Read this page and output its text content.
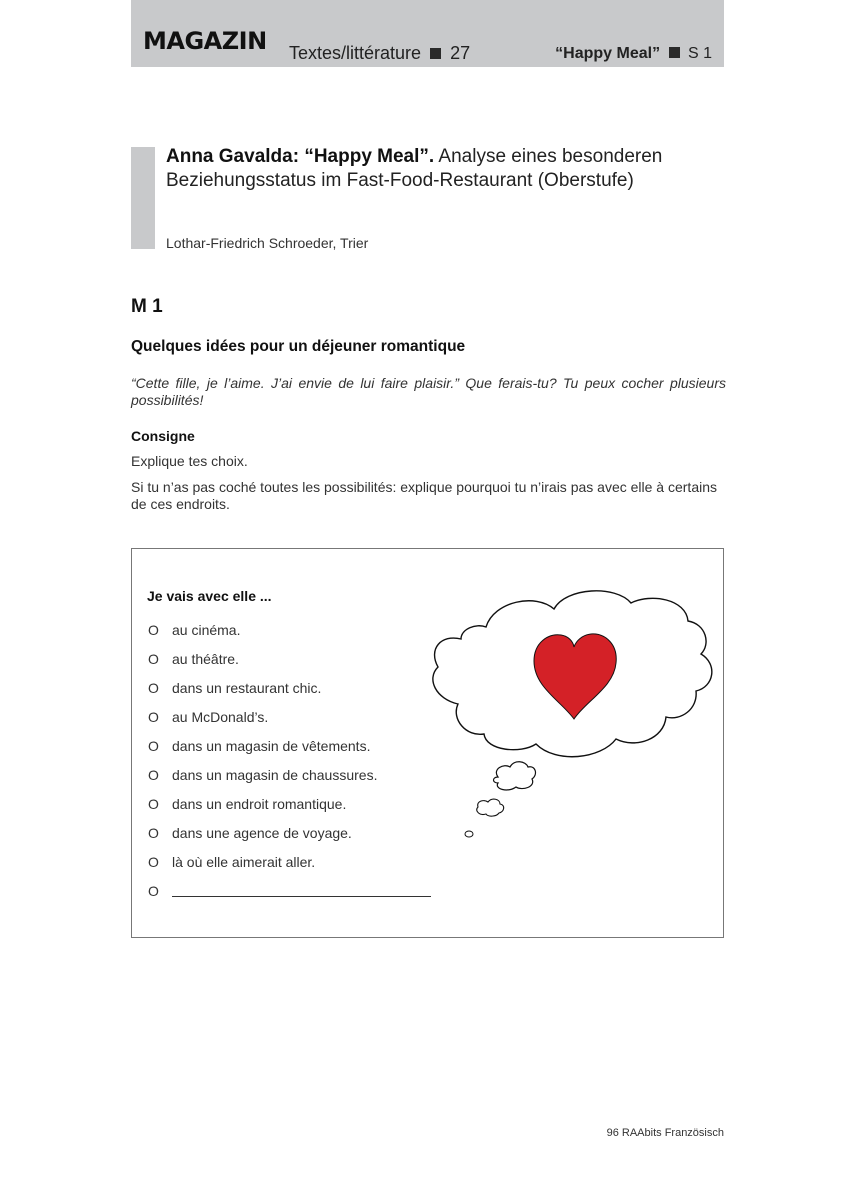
MAGAZIN Textes/littérature 27	“Happy Meal” S 1
Anna Gavalda: “Happy Meal”. Analyse eines besonderen Beziehungsstatus im Fast-Food-Restaurant (Oberstufe)
Lothar-Friedrich Schroeder, Trier
M 1
Quelques idées pour un déjeuner romantique
“Cette fille, je l’aime. J’ai envie de lui faire plaisir.” Que ferais-tu? Tu peux cocher plusieurs possibilités!
Consigne
Explique tes choix.
Si tu n’as pas coché toutes les possibilités: explique pourquoi tu n’irais pas avec elle à certains de ces endroits.
Je vais avec elle ...
O au cinéma.
O au théâtre.
O dans un restaurant chic.
O au McDonald’s.
O dans un magasin de vêtements.
O dans un magasin de chaussures.
O dans un endroit romantique.
O dans une agence de voyage.
O là où elle aimerait aller.
O
96 RAAbits Französisch
